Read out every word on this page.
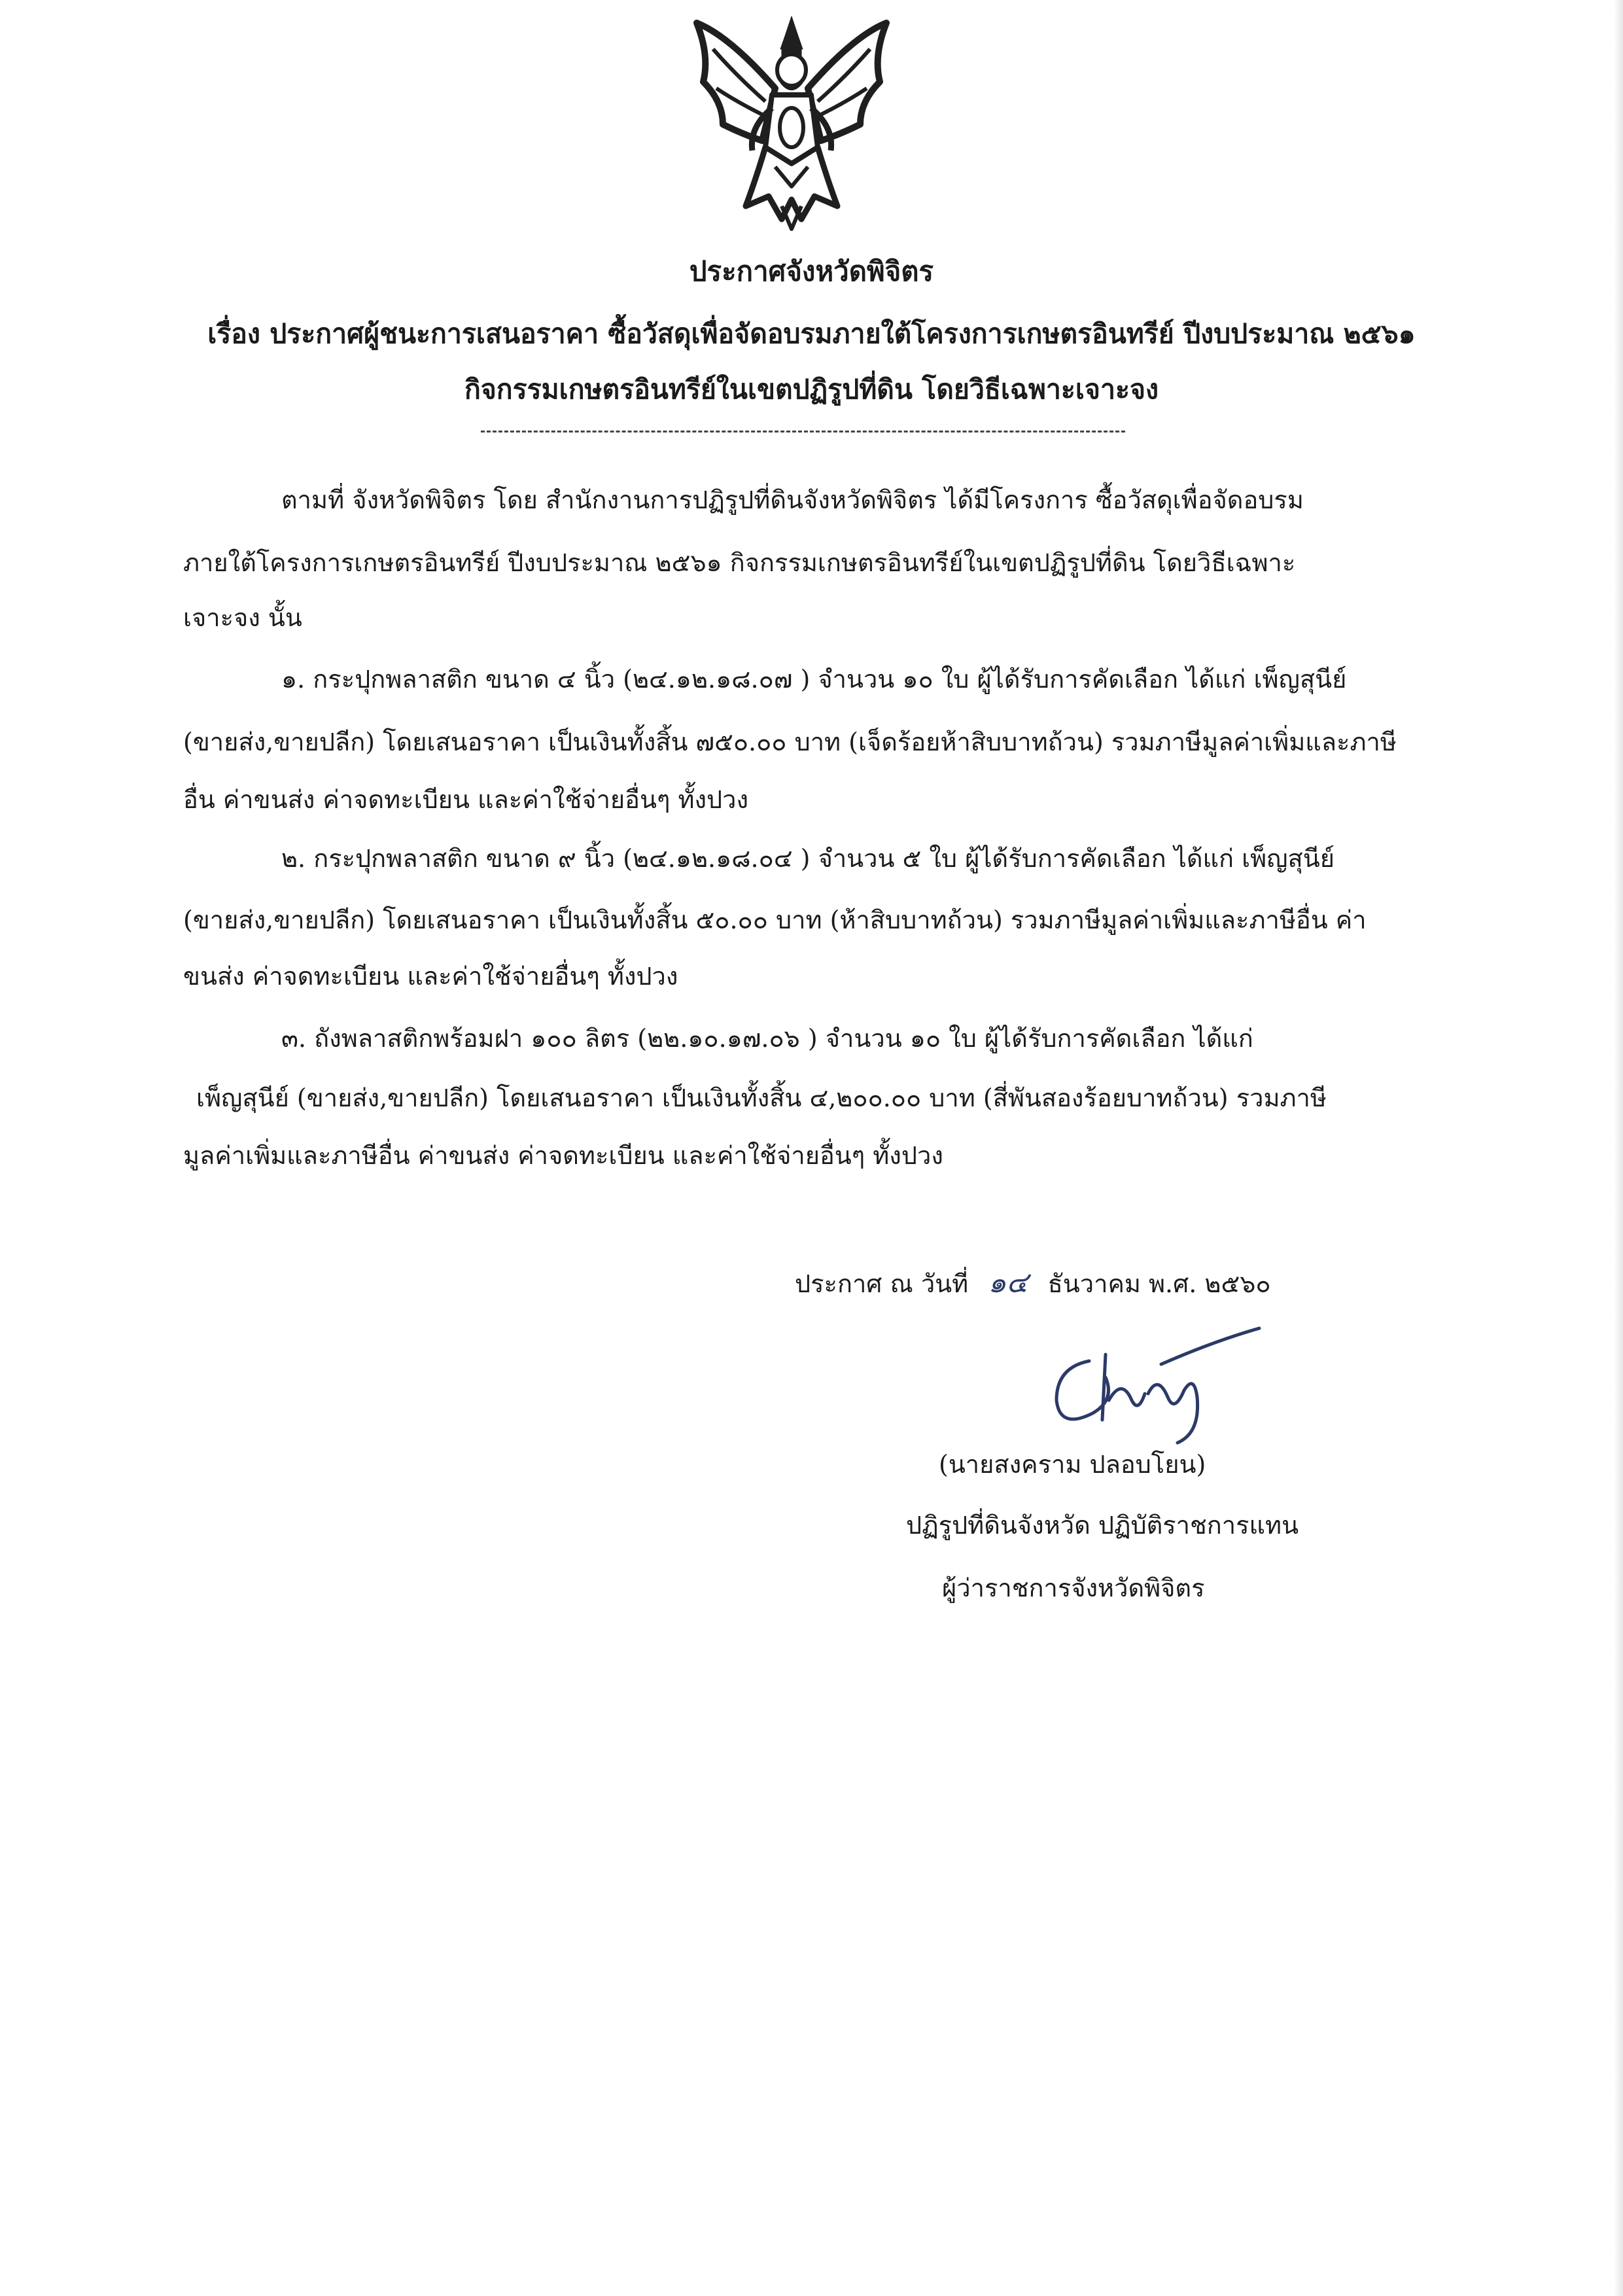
ประกาศจังหวัดพิจิตร
เรื่อง ประกาศผู้ชนะการเสนอราคา ซื้อวัสดุเพื่อจัดอบรมภายใต้โครงการเกษตรอินทรีย์ ปีงบประมาณ ๒๕๖๑
กิจกรรมเกษตรอินทรีย์ในเขตปฏิรูปที่ดิน โดยวิธีเฉพาะเจาะจง
ตามที่ จังหวัดพิจิตร โดย สำนักงานการปฏิรูปที่ดินจังหวัดพิจิตร ได้มีโครงการ ซื้อวัสดุเพื่อจัดอบรม
ภายใต้โครงการเกษตรอินทรีย์ ปีงบประมาณ ๒๕๖๑ กิจกรรมเกษตรอินทรีย์ในเขตปฏิรูปที่ดิน โดยวิธีเฉพาะ
เจาะจง นั้น
๑. กระปุกพลาสติก ขนาด ๔ นิ้ว (๒๔.๑๒.๑๘.๐๗ ) จำนวน ๑๐ ใบ ผู้ได้รับการคัดเลือก ได้แก่ เพ็ญสุนีย์
(ขายส่ง,ขายปลีก) โดยเสนอราคา เป็นเงินทั้งสิ้น ๗๕๐.๐๐ บาท (เจ็ดร้อยห้าสิบบาทถ้วน) รวมภาษีมูลค่าเพิ่มและภาษี
อื่น ค่าขนส่ง ค่าจดทะเบียน และค่าใช้จ่ายอื่นๆ ทั้งปวง
๒. กระปุกพลาสติก ขนาด ๙ นิ้ว (๒๔.๑๒.๑๘.๐๔ ) จำนวน ๕ ใบ ผู้ได้รับการคัดเลือก ได้แก่ เพ็ญสุนีย์
(ขายส่ง,ขายปลีก) โดยเสนอราคา เป็นเงินทั้งสิ้น ๕๐.๐๐ บาท (ห้าสิบบาทถ้วน) รวมภาษีมูลค่าเพิ่มและภาษีอื่น ค่า
ขนส่ง ค่าจดทะเบียน และค่าใช้จ่ายอื่นๆ ทั้งปวง
๓. ถังพลาสติกพร้อมฝา ๑๐๐ ลิตร (๒๒.๑๐.๑๗.๐๖ ) จำนวน ๑๐ ใบ ผู้ได้รับการคัดเลือก ได้แก่
เพ็ญสุนีย์ (ขายส่ง,ขายปลีก) โดยเสนอราคา เป็นเงินทั้งสิ้น ๔,๒๐๐.๐๐ บาท (สี่พันสองร้อยบาทถ้วน) รวมภาษี
มูลค่าเพิ่มและภาษีอื่น ค่าขนส่ง ค่าจดทะเบียน และค่าใช้จ่ายอื่นๆ ทั้งปวง
ประกาศ ณ วันที่ ๑๔ ธันวาคม พ.ศ. ๒๕๖๐
(นายสงคราม ปลอบโยน)
ปฏิรูปที่ดินจังหวัด ปฏิบัติราชการแทน
ผู้ว่าราชการจังหวัดพิจิตร
